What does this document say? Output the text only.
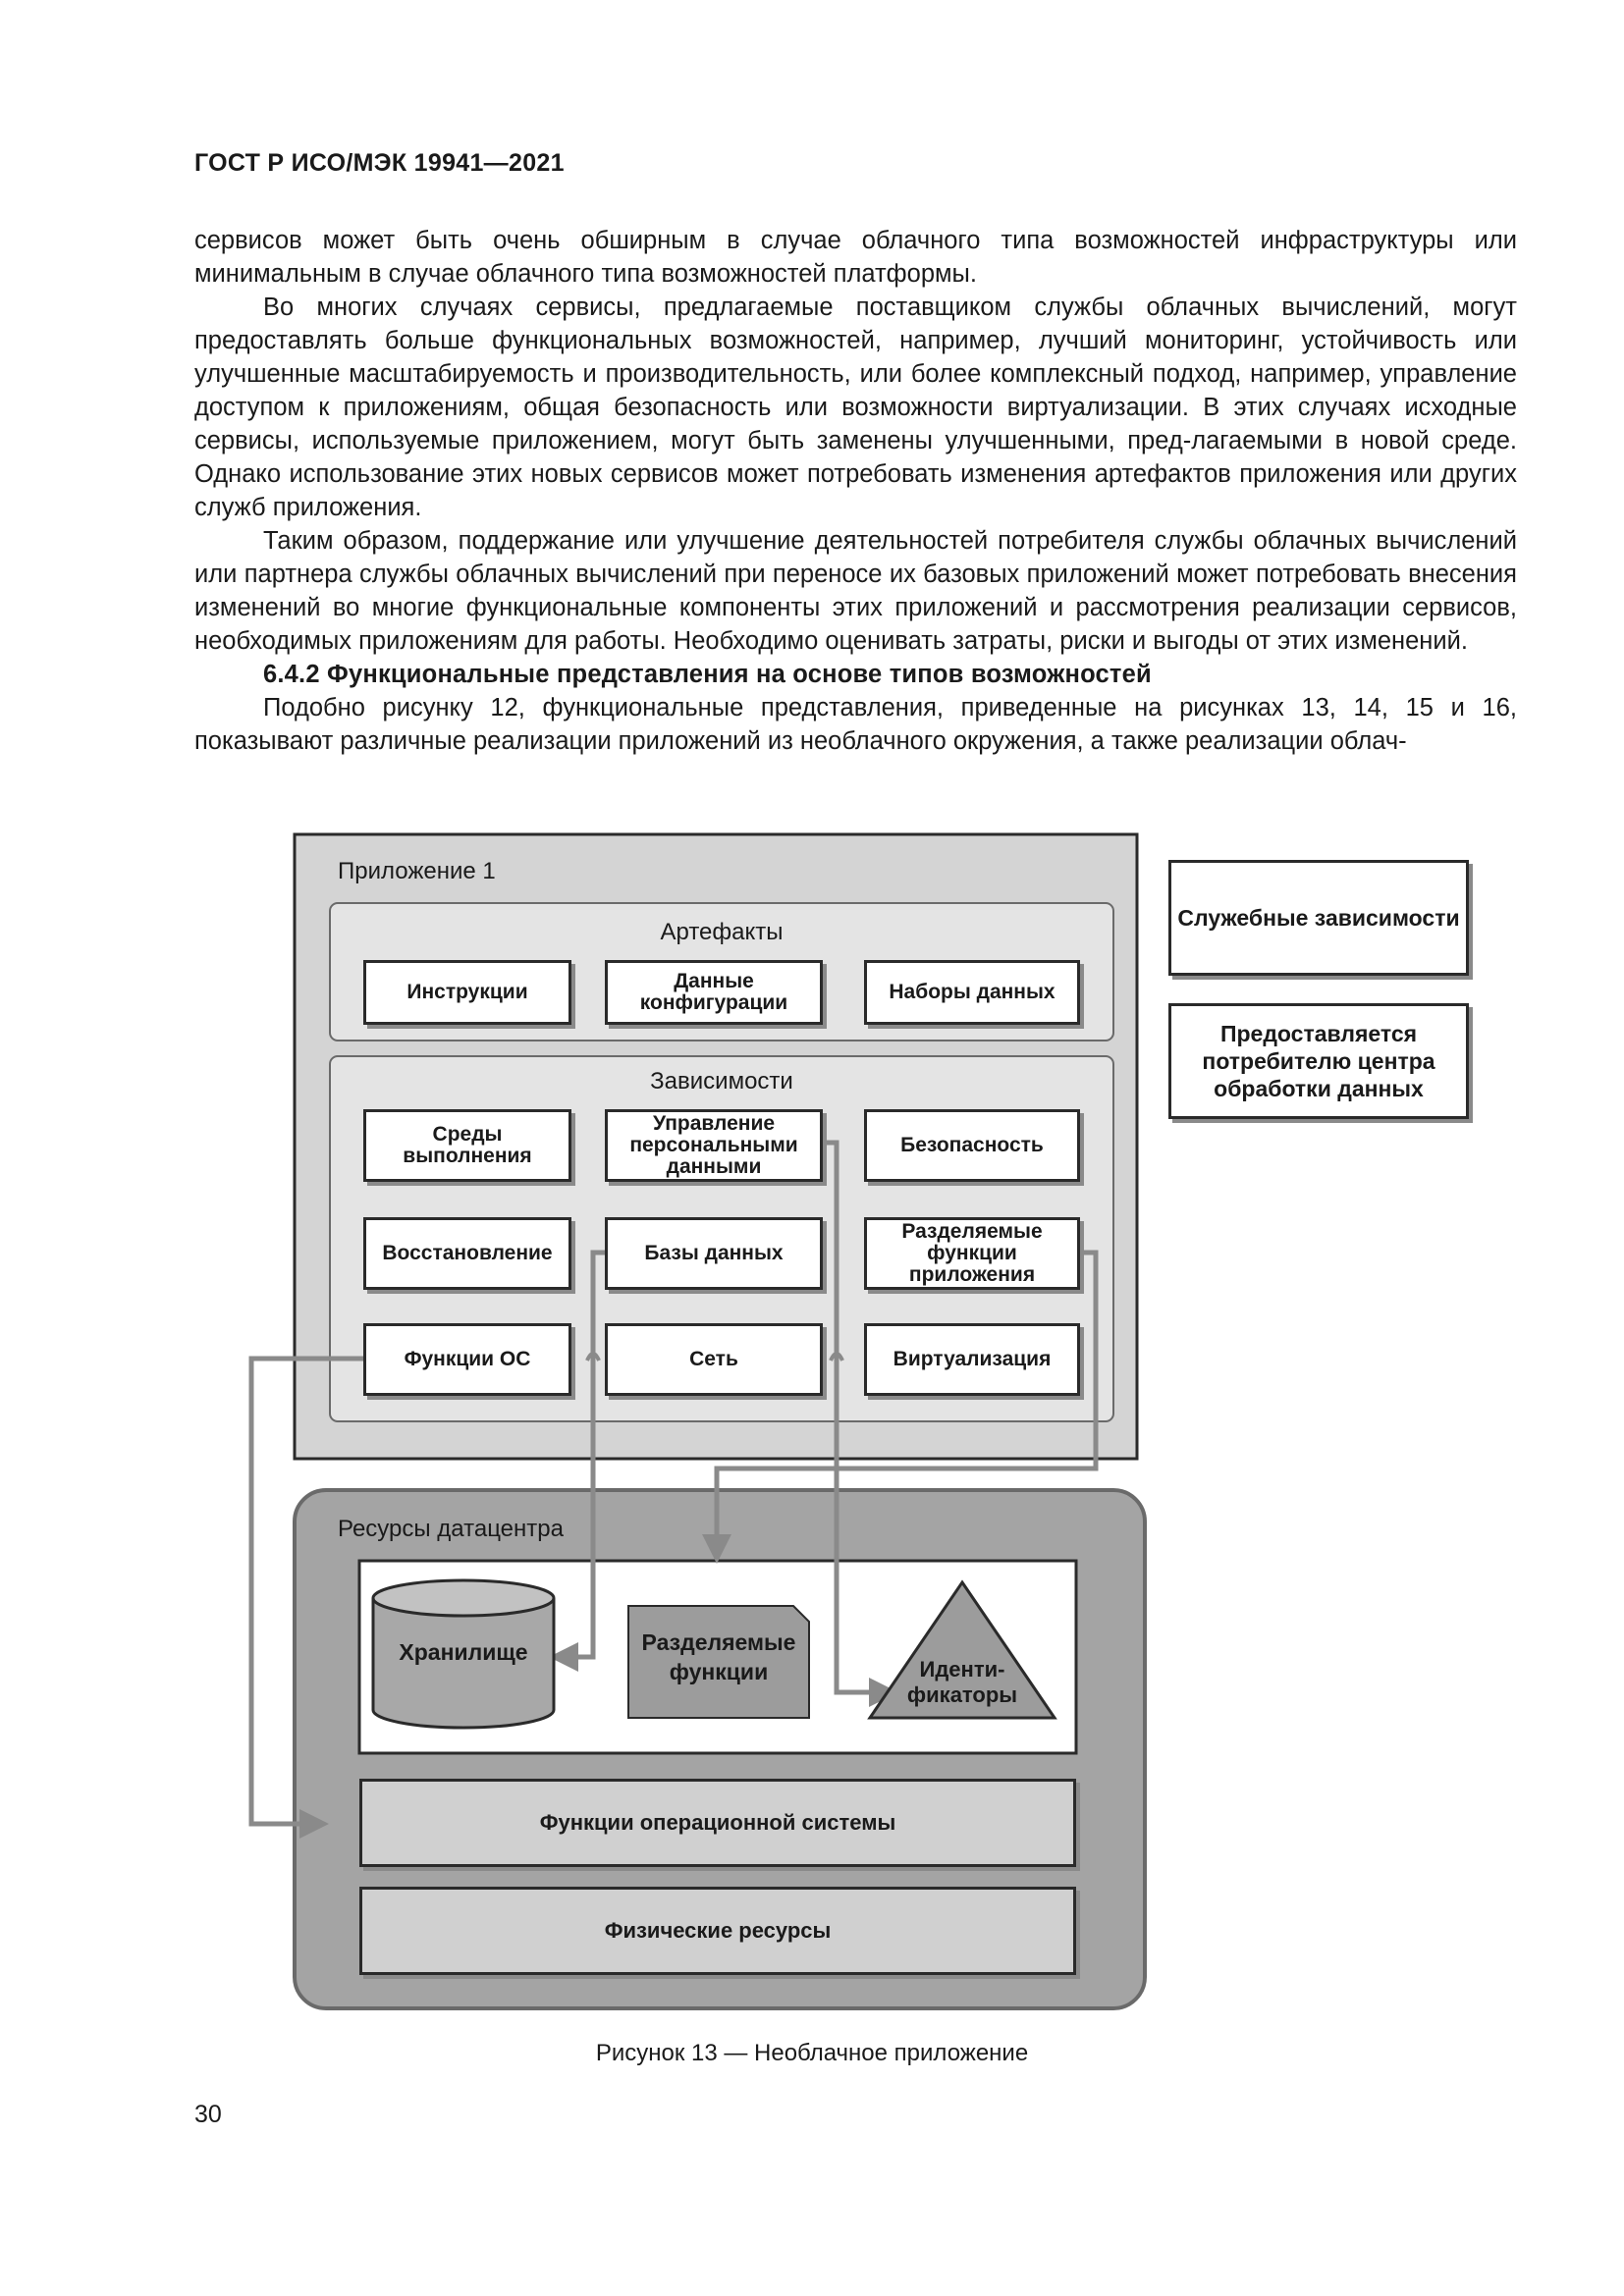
ГОСТ Р ИСО/МЭК 19941—2021

сервисов может быть очень обширным в случае облачного типа возможностей инфраструктуры или минимальным в случае облачного типа возможностей платформы.

Во многих случаях сервисы, предлагаемые поставщиком службы облачных вычислений, могут предоставлять больше функциональных возможностей, например, лучший мониторинг, устойчивость или улучшенные масштабируемость и производительность, или более комплексный подход, например, управление доступом к приложениям, общая безопасность или возможности виртуализации. В этих случаях исходные сервисы, используемые приложением, могут быть заменены улучшенными, пред-лагаемыми в новой среде. Однако использование этих новых сервисов может потребовать изменения артефактов приложения или других служб приложения.

Таким образом, поддержание или улучшение деятельностей потребителя службы облачных вычислений или партнера службы облачных вычислений при переносе их базовых приложений может потребовать внесения изменений во многие функциональные компоненты этих приложений и рассмотрения реализации сервисов, необходимых приложениям для работы. Необходимо оценивать затраты, риски и выгоды от этих изменений.

6.4.2 Функциональные представления на основе типов возможностей

Подобно рисунку 12, функциональные представления, приведенные на рисунках 13, 14, 15 и 16, показывают различные реализации приложений из необлачного окружения, а также реализации облач-

Приложение 1
Артефакты
Инструкции	Данные конфигурации	Наборы данных
Зависимости
Среды выполнения
Управление персональными данными
Безопасность
Восстановление	Базы данных
Разделяемые функции приложения
Функции ОС	Сеть	Виртуализация
Служебные зависимости
Предоставляется потребителю центра обработки данных
Ресурсы датацентра
Хранилище	Разделяемые функции	Иденти-фикаторы
Функции операционной системы
Физические ресурсы
Рисунок 13 — Необлачное приложение
30
